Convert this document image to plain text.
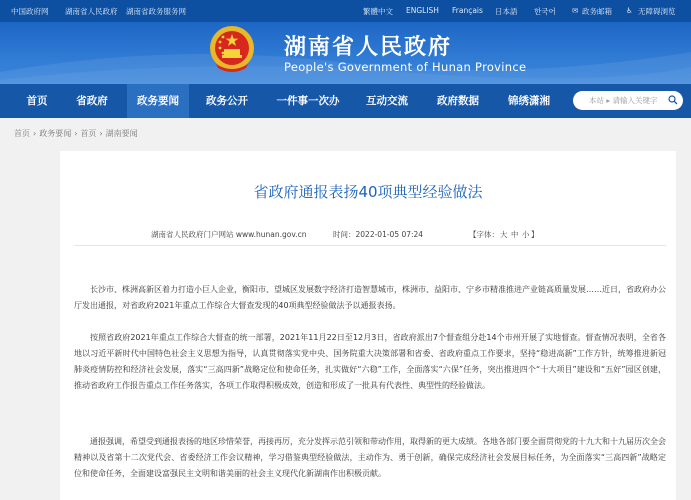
中国政府网 湖南省人民政府 湖南省政务服务网	繁體中文 ENGLISH Français 日本語 한국어 ✉ 政务邮箱 ♿ 无障碍浏览
湖南省人民政府
People's Government of Hunan Province
首页	省政府	政务要闻	政务公开	一件事一次办	互动交流	政府数据	锦绣潇湘	本站 ▸ 请输入关键字
首页 › 政务要闻 › 首页 › 湖南要闻
省政府通报表扬40项典型经验做法
湖南省人民政府门户网站 www.hunan.gov.cn	时间：2022-01-05 07:24	【字体： 大 中 小 】
长沙市、株洲高新区着力打造小巨人企业，衡阳市、望城区发展数字经济打造智慧城市，株洲市、益阳市、宁乡市精准推进产业链高质量发展……近日，省政府办公厅发出通报，对省政府2021年重点工作综合大督查发现的40项典型经验做法予以通报表扬。
按照省政府2021年重点工作综合大督查的统一部署，2021年11月22日至12月3日，省政府派出7个督查组分赴14个市州开展了实地督查。督查情况表明，全省各地以习近平新时代中国特色社会主义思想为指导，认真贯彻落实党中央、国务院重大决策部署和省委、省政府重点工作要求，坚持“稳进高新”工作方针，统筹推进新冠肺炎疫情防控和经济社会发展，落实“三高四新”战略定位和使命任务，扎实做好“六稳”工作，全面落实“六保”任务，突出推进四个“十大项目”建设和“五好”园区创建，推动省政府工作报告重点工作任务落实，各项工作取得积极成效，创造和形成了一批具有代表性、典型性的经验做法。
通报强调，希望受到通报表扬的地区珍惜荣誉，再接再厉，充分发挥示范引领和带动作用，取得新的更大成绩。各地各部门要全面贯彻党的十九大和十九届历次全会精神以及省第十二次党代会、省委经济工作会议精神，学习借鉴典型经验做法，主动作为、勇于创新，确保完成经济社会发展目标任务，为全面落实“三高四新”战略定位和使命任务，全面建设富强民主文明和谐美丽的社会主义现代化新湖南作出积极贡献。
